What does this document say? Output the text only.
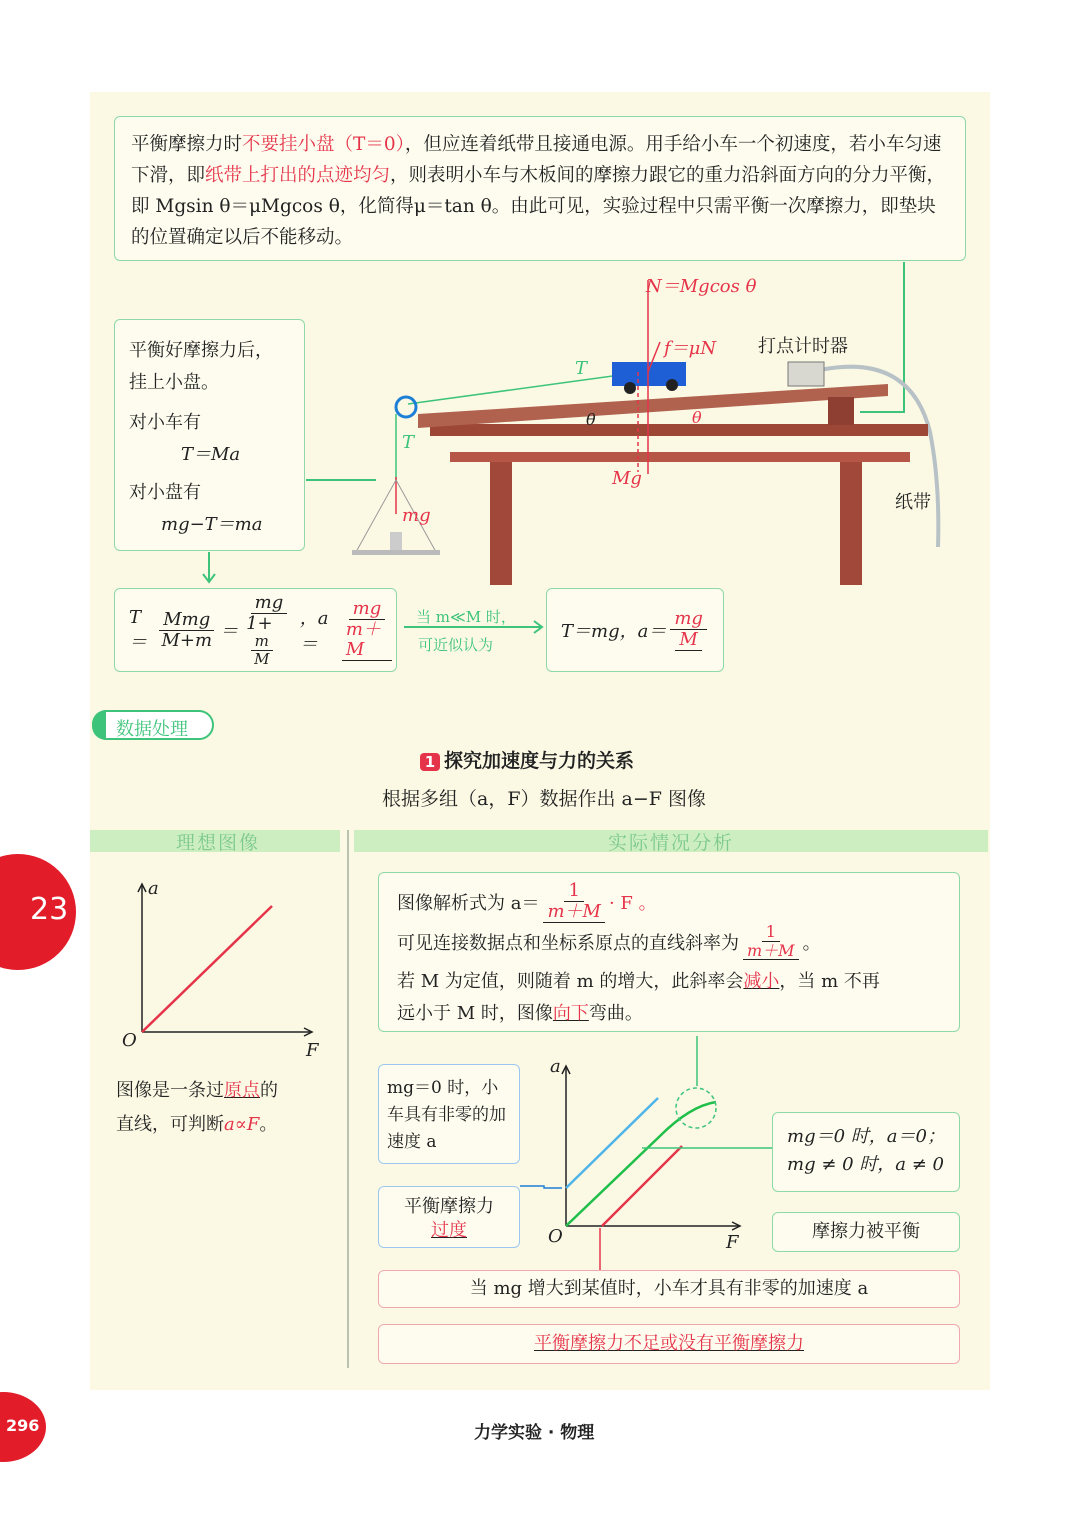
平衡摩擦力时不要挂小盘（T＝0），但应连着纸带且接通电源。用手给小车一个初速度，若小车匀速下滑，即纸带上打出的点迹均匀，则表明小车与木板间的摩擦力跟它的重力沿斜面方向的分力平衡，即 Mgsin θ＝μMgcos θ，化简得μ＝tan θ。由此可见，实验过程中只需平衡一次摩擦力，即垫块的位置确定以后不能移动。
平衡好摩擦力后，
挂上小盘。
对小车有
T＝Ma
对小盘有
mg−T＝ma
N＝Mgcos θ
f＝μN 打点计时器
T
T
θ	θ
Mg
mg
纸带
$T= \frac{\text{Mmg}}{M+m}$ ＝ mg
1+
$\frac{m}{M}$ ，a＝	$\frac{mg}{m+M}$ 当 m≪M 时，
可近似认为
T＝mg，$a= \frac{mg}{M}$
数据处理
1 探究加速度与力的关系
根据多组（a，F）数据作出 a−F 图像
理想图像	实际情况分析
a
O	F
图像是一条过原点的
直线，可判断a∝F。
图像解析式为 $a= \frac{1}{m+M} \cdot F$ 。
可见连接数据点和坐标系原点的直线斜率为 $\frac{1}{m+M}$ 。
若 M 为定值，则随着 m 的增大，此斜率会减小，当 m 不再
远小于 M 时，图像向下弯曲。
mg＝0 时，小车具有非零的加速度 a
平衡摩擦力
过度
a
O	F
mg＝0 时，a＝0；
mg ≠ 0 时，a ≠ 0
摩擦力被平衡
当 mg 增大到某值时，小车才具有非零的加速度 a
平衡摩擦力不足或没有平衡摩擦力
23
296	力学实验 · 物理
